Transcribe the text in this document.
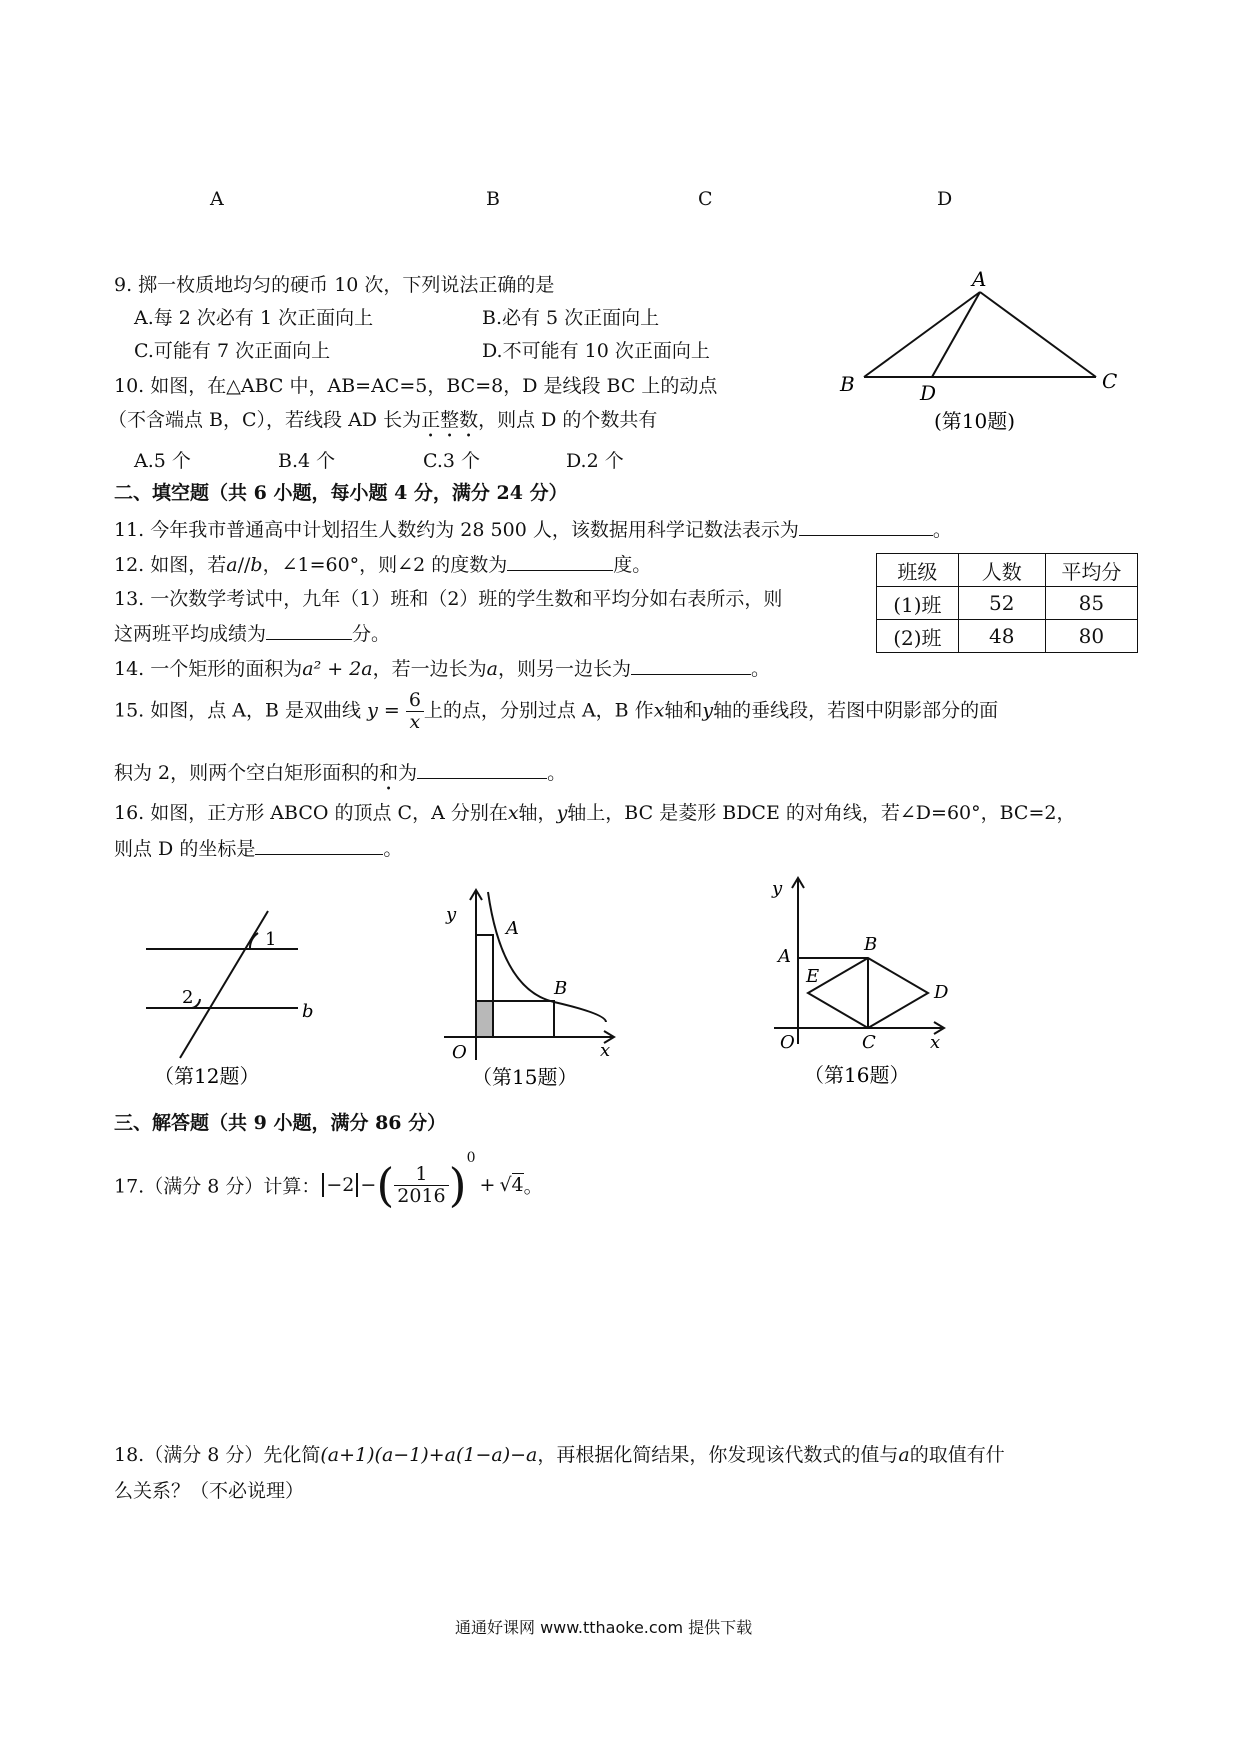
A	B	C	D
9. 掷一枚质地均匀的硬币 10 次，下列说法正确的是
A.每 2 次必有 1 次正面向上	B.必有 5 次正面向上
C.可能有 7 次正面向上	D.不可能有 10 次正面向上
10. 如图，在△ABC 中，AB=AC=5，BC=8，D 是线段 BC 上的动点
（不含端点 B，C），若线段 AD 长为正整数，则点 D 的个数共有
A.5 个	B.4 个	C.3 个	D.2 个
A
B	C
D
(第10题)
二、填空题（共 6 小题，每小题 4 分，满分 24 分）
11. 今年我市普通高中计划招生人数约为 28 500 人，该数据用科学记数法表示为	。
12. 如图，若a//b，∠1=60°，则∠2 的度数为	度。
13. 一次数学考试中，九年（1）班和（2）班的学生数和平均分如右表所示，则
这两班平均成绩为	分。
班级	人数	平均分
(1)班	52	85
(2)班	48	80
14. 一个矩形的面积为a² + 2a，若一边长为a，则另一边长为	。
15. 如图，点 A，B 是双曲线 $y = \frac{6}{x}$ 上的点，分别过点 A，B 作x轴和y轴的垂线段，若图中阴影部分的面
积为 2，则两个空白矩形面积的和为	。
16. 如图，正方形 ABCO 的顶点 C，A 分别在x轴，y轴上，BC 是菱形 BDCE 的对角线，若∠D=60°，BC=2，
则点 D 的坐标是	。
1
2
b
（第12题）
y
A
B
O	x
（第15题）
y
A
B
E
D
O	C	x
（第16题）
三、解答题（共 9 小题，满分 86 分）
17.（满分 8 分）计算： −2 −( $\frac{1}{2016} )^0+ √4$。
18.（满分 8 分）先化简(a+1)(a−1)+a(1−a)−a，再根据化简结果，你发现该代数式的值与a的取值有什
么关系？（不必说理）
通通好课网 www.tthaoke.com 提供下载
